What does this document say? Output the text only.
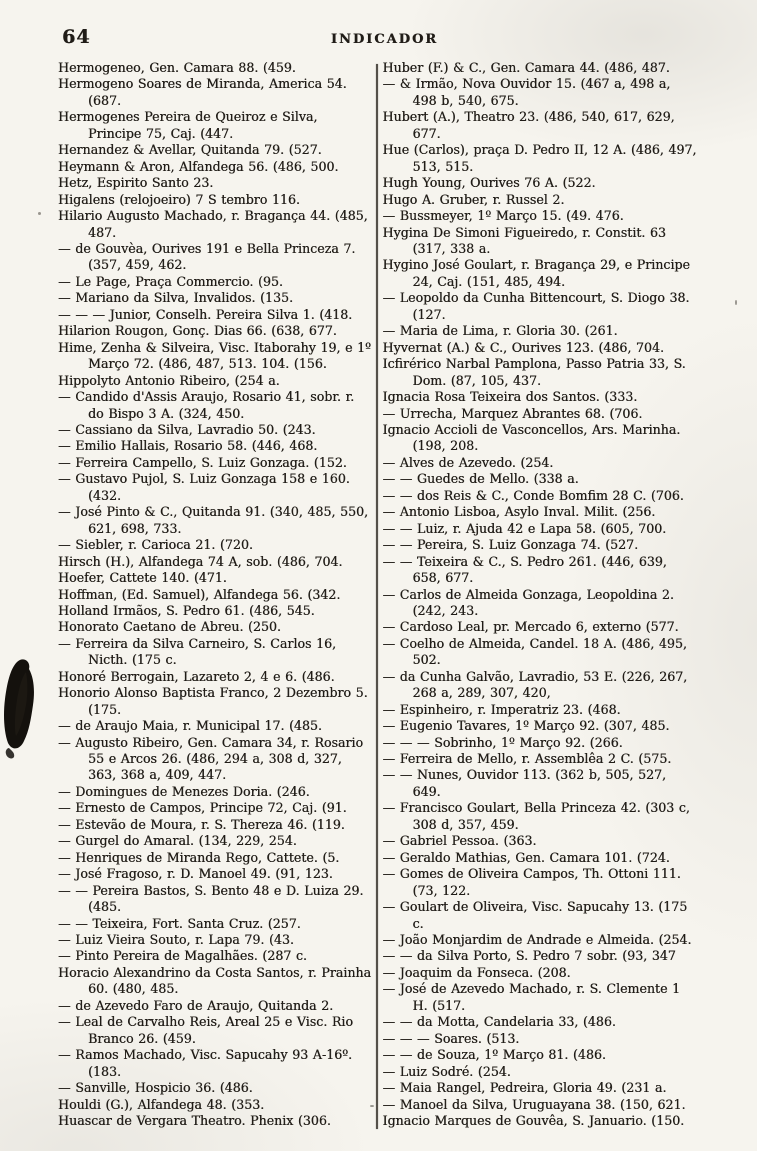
64	INDICADOR
Hermogeneo, Gen. Camara 88. (459.
Hermogeno Soares de Miranda, America 54. (687.
Hermogenes Pereira de Queiroz e Silva, Principe 75, Caj. (447.
Hernandez & Avellar, Quitanda 79. (527.
Heymann & Aron, Alfandega 56. (486, 500.
Hetz, Espirito Santo 23.
Higalens (relojoeiro) 7 S tembro 116.
Hilario Augusto Machado, r. Bragança 44. (485, 487.
— de Gouvèa, Ourives 191 e Bella Princeza 7. (357, 459, 462.
— Le Page, Praça Commercio. (95.
— Mariano da Silva, Invalidos. (135.
— — — Junior, Conselh. Pereira Silva 1. (418.
Hilarion Rougon, Gonç. Dias 66. (638, 677.
Hime, Zenha & Silveira, Visc. Itaborahy 19, e 1º Março 72. (486, 487, 513. 104. (156.
Hippolyto Antonio Ribeiro, (254 a.
— Candido d'Assis Araujo, Rosario 41, sobr. r. do Bispo 3 A. (324, 450.
— Cassiano da Silva, Lavradio 50. (243.
— Emilio Hallais, Rosario 58. (446, 468.
— Ferreira Campello, S. Luiz Gonzaga. (152.
— Gustavo Pujol, S. Luiz Gonzaga 158 e 160. (432.
— José Pinto & C., Quitanda 91. (340, 485, 550, 621, 698, 733.
— Siebler, r. Carioca 21. (720.
Hirsch (H.), Alfandega 74 A, sob. (486, 704.
Hoefer, Cattete 140. (471.
Hoffman, (Ed. Samuel), Alfandega 56. (342.
Holland Irmãos, S. Pedro 61. (486, 545.
Honorato Caetano de Abreu. (250.
— Ferreira da Silva Carneiro, S. Carlos 16, Nicth. (175 c.
Honoré Berrogain, Lazareto 2, 4 e 6. (486.
Honorio Alonso Baptista Franco, 2 Dezembro 5. (175.
— de Araujo Maia, r. Municipal 17. (485.
— Augusto Ribeiro, Gen. Camara 34, r. Rosario 55 e Arcos 26. (486, 294 a, 308 d, 327, 363, 368 a, 409, 447.
— Domingues de Menezes Doria. (246.
— Ernesto de Campos, Principe 72, Caj. (91.
— Estevão de Moura, r. S. Thereza 46. (119.
— Gurgel do Amaral. (134, 229, 254.
— Henriques de Miranda Rego, Cattete. (5.
— José Fragoso, r. D. Manoel 49. (91, 123.
— — Pereira Bastos, S. Bento 48 e D. Luiza 29. (485.
— — Teixeira, Fort. Santa Cruz. (257.
— Luiz Vieira Souto, r. Lapa 79. (43.
— Pinto Pereira de Magalhães. (287 c.
Horacio Alexandrino da Costa Santos, r. Prainha 60. (480, 485.
— de Azevedo Faro de Araujo, Quitanda 2.
— Leal de Carvalho Reis, Areal 25 e Visc. Rio Branco 26. (459.
— Ramos Machado, Visc. Sapucahy 93 A-16º. (183.
— Sanville, Hospicio 36. (486.
Houldi (G.), Alfandega 48. (353.
Huascar de Vergara Theatro. Phenix (306.
Huber (F.) & C., Gen. Camara 44. (486, 487.
— & Irmão, Nova Ouvidor 15. (467 a, 498 a, 498 b, 540, 675.
Hubert (A.), Theatro 23. (486, 540, 617, 629, 677.
Hue (Carlos), praça D. Pedro II, 12 A. (486, 497, 513, 515.
Hugh Young, Ourives 76 A. (522.
Hugo A. Gruber, r. Russel 2.
— Bussmeyer, 1º Março 15. (49. 476.
Hygina De Simoni Figueiredo, r. Constit. 63 (317, 338 a.
Hygino José Goulart, r. Bragança 29, e Principe 24, Caj. (151, 485, 494.
— Leopoldo da Cunha Bittencourt, S. Diogo 38. (127.
— Maria de Lima, r. Gloria 30. (261.
Hyvernat (A.) & C., Ourives 123. (486, 704.
Icfirérico Narbal Pamplona, Passo Patria 33, S. Dom. (87, 105, 437.
Ignacia Rosa Teixeira dos Santos. (333.
— Urrecha, Marquez Abrantes 68. (706.
Ignacio Accioli de Vasconcellos, Ars. Marinha. (198, 208.
— Alves de Azevedo. (254.
— — Guedes de Mello. (338 a.
— — dos Reis & C., Conde Bomfim 28 C. (706.
— Antonio Lisboa, Asylo Inval. Milit. (256.
— — Luiz, r. Ajuda 42 e Lapa 58. (605, 700.
— — Pereira, S. Luiz Gonzaga 74. (527.
— — Teixeira & C., S. Pedro 261. (446, 639, 658, 677.
— Carlos de Almeida Gonzaga, Leopoldina 2. (242, 243.
— Cardoso Leal, pr. Mercado 6, externo (577.
— Coelho de Almeida, Candel. 18 A. (486, 495, 502.
— da Cunha Galvão, Lavradio, 53 E. (226, 267, 268 a, 289, 307, 420,
— Espinheiro, r. Imperatriz 23. (468.
— Eugenio Tavares, 1º Março 92. (307, 485.
— — — Sobrinho, 1º Março 92. (266.
— Ferreira de Mello, r. Assemblêa 2 C. (575.
— — Nunes, Ouvidor 113. (362 b, 505, 527, 649.
— Francisco Goulart, Bella Princeza 42. (303 c, 308 d, 357, 459.
— Gabriel Pessoa. (363.
— Geraldo Mathias, Gen. Camara 101. (724.
— Gomes de Oliveira Campos, Th. Ottoni 111. (73, 122.
— Goulart de Oliveira, Visc. Sapucahy 13. (175 c.
— João Monjardim de Andrade e Almeida. (254.
— — da Silva Porto, S. Pedro 7 sobr. (93, 347
— Joaquim da Fonseca. (208.
— José de Azevedo Machado, r. S. Clemente 1 H. (517.
— — da Motta, Candelaria 33, (486.
— — — Soares. (513.
— — de Souza, 1º Março 81. (486.
— Luiz Sodré. (254.
— Maia Rangel, Pedreira, Gloria 49. (231 a.
— Manoel da Silva, Uruguayana 38. (150, 621.
Ignacio Marques de Gouvêa, S. Januario. (150.
